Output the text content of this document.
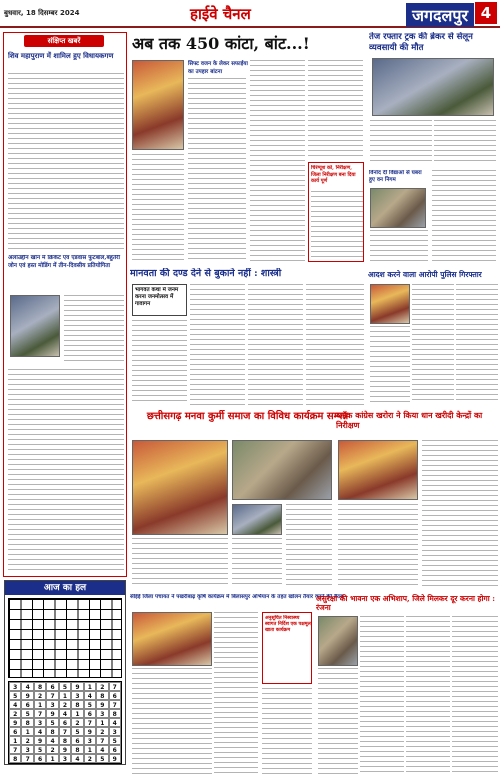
बुधवार, 18 दिसम्बर 2024	हाईवे चैनल	जगदलपुर 4
संक्षिप्त खबरें
शिव महापुराण में शामिल हुए विधायकगण
अलाउद्दीन खान में क्रिकेट एवं एडवांस फुटबाल,बहुतेरी जोन एवं हस्त मोडिंग में तीन-दिवसीय प्रतियोगिता
आज का हल
3	4	8	6	5	9	1	2	7
5	9	2	7	1	3	4	8	6
4	6	1	3	2	8	5	9	7
2	5	7	9	4	1	6	3	8
9	8	3	5	6	2	7	1	4
6	1	4	8	7	5	9	2	3
1	2	9	4	8	6	3	7	5
7	3	5	2	9	8	1	4	6
8	7	6	1	3	4	2	5	9
अब तक 450 कांटा, बांट...!
सिफ्ट वजन के लेकर सफाईया का उपहार बांटना
चिरंग्यूश को, निरीक्षण, जिला निरीक्षण बना दिया कार्य पूर्ण
तेज रफ्तार ट्रक की ब्रेकर से सेलून व्यवसायी की मौत
विनोद दी विद्याओं से घबरा हुए वन निगम
मानवता की दण्ड देने से बुकाने नहीं : शास्त्री
भागवत कथा में जनम करना जनमोत्सव में गावागन
आदश करने वाला आरोपी पुलिस गिरफ्तार
छत्तीसगढ़ मनवा कुर्मी समाज का विविध कार्यक्रम सम्पन्न
ब्लॉक कांग्रेस खरोरा ने किया धान खरीदी केन्द्रों का निरीक्षण
सीईई जिला पंचायत ने पखरीबाढ़ कृषि कार्यक्रम में बिलासपुर अभियान के तहत खोलन तैयार करने की बैठक
अनुसूचित निस्वास्थ्य स्वागत निर्दिश एक पक्षमूल खाता कार्यक्रम
असुरक्षा की भावना एक अभिशाप, जिले मिलकर दूर करना होगा : रंजना
